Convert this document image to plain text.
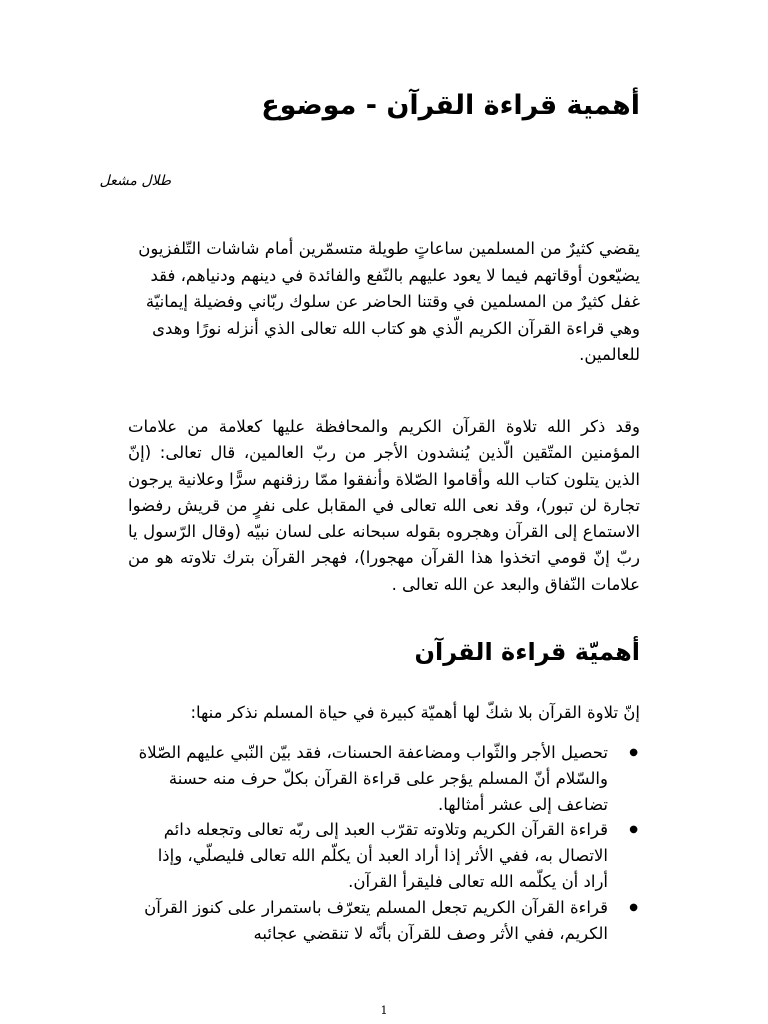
أهمية قراءة القرآن - موضوع

طلال مشعل

يقضي كثيرٌ من المسلمين ساعاتٍ طويلة متسمّرين أمام شاشات التّلفزيون يضيّعون أوقاتهم فيما لا يعود عليهم بالنّفع والفائدة في دينهم ودنياهم، فقد غفل كثيرٌ من المسلمين في وقتنا الحاضر عن سلوك ربّاني وفضيلة إيمانيّة وهي قراءة القرآن الكريم الّذي هو كتاب الله تعالى الذي أنزله نورًا وهدى للعالمين.

وقد ذكر الله تلاوة القرآن الكريم والمحافظة عليها كعلامة من علامات المؤمنين المتّقين الّذين يُنشدون الأجر من ربّ العالمين، قال تعالى: (إنّ الذين يتلون كتاب الله وأقاموا الصّلاة وأنفقوا ممّا رزقنهم سرًّا وعلانية يرجون تجارة لن تبور)، وقد نعى الله تعالى في المقابل على نفرٍ من قريش رفضوا الاستماع إلى القرآن وهجروه بقوله سبحانه على لسان نبيّه (وقال الرّسول يا ربّ إنّ قومي اتخذوا هذا القرآن مهجورا)، فهجر القرآن بترك تلاوته هو من علامات النّفاق والبعد عن الله تعالى .

أهميّة قراءة القرآن

إنّ تلاوة القرآن بلا شكّ لها أهميّة كبيرة في حياة المسلم نذكر منها:

● تحصيل الأجر والثّواب ومضاعفة الحسنات، فقد بيّن النّبي عليهم الصّلاة والسّلام أنّ المسلم يؤجر على قراءة القرآن بكلّ حرف منه حسنة تضاعف إلى عشر أمثالها.
● قراءة القرآن الكريم وتلاوته تقرّب العبد إلى ربّه تعالى وتجعله دائم الاتصال به، ففي الأثر إذا أراد العبد أن يكلّم الله تعالى فليصلّي، وإذا أراد أن يكلّمه الله تعالى فليقرأ القرآن.
● قراءة القرآن الكريم تجعل المسلم يتعرّف باستمرار على كنوز القرآن الكريم، ففي الأثر وصف للقرآن بأنّه لا تنقضي عجائبه
1
